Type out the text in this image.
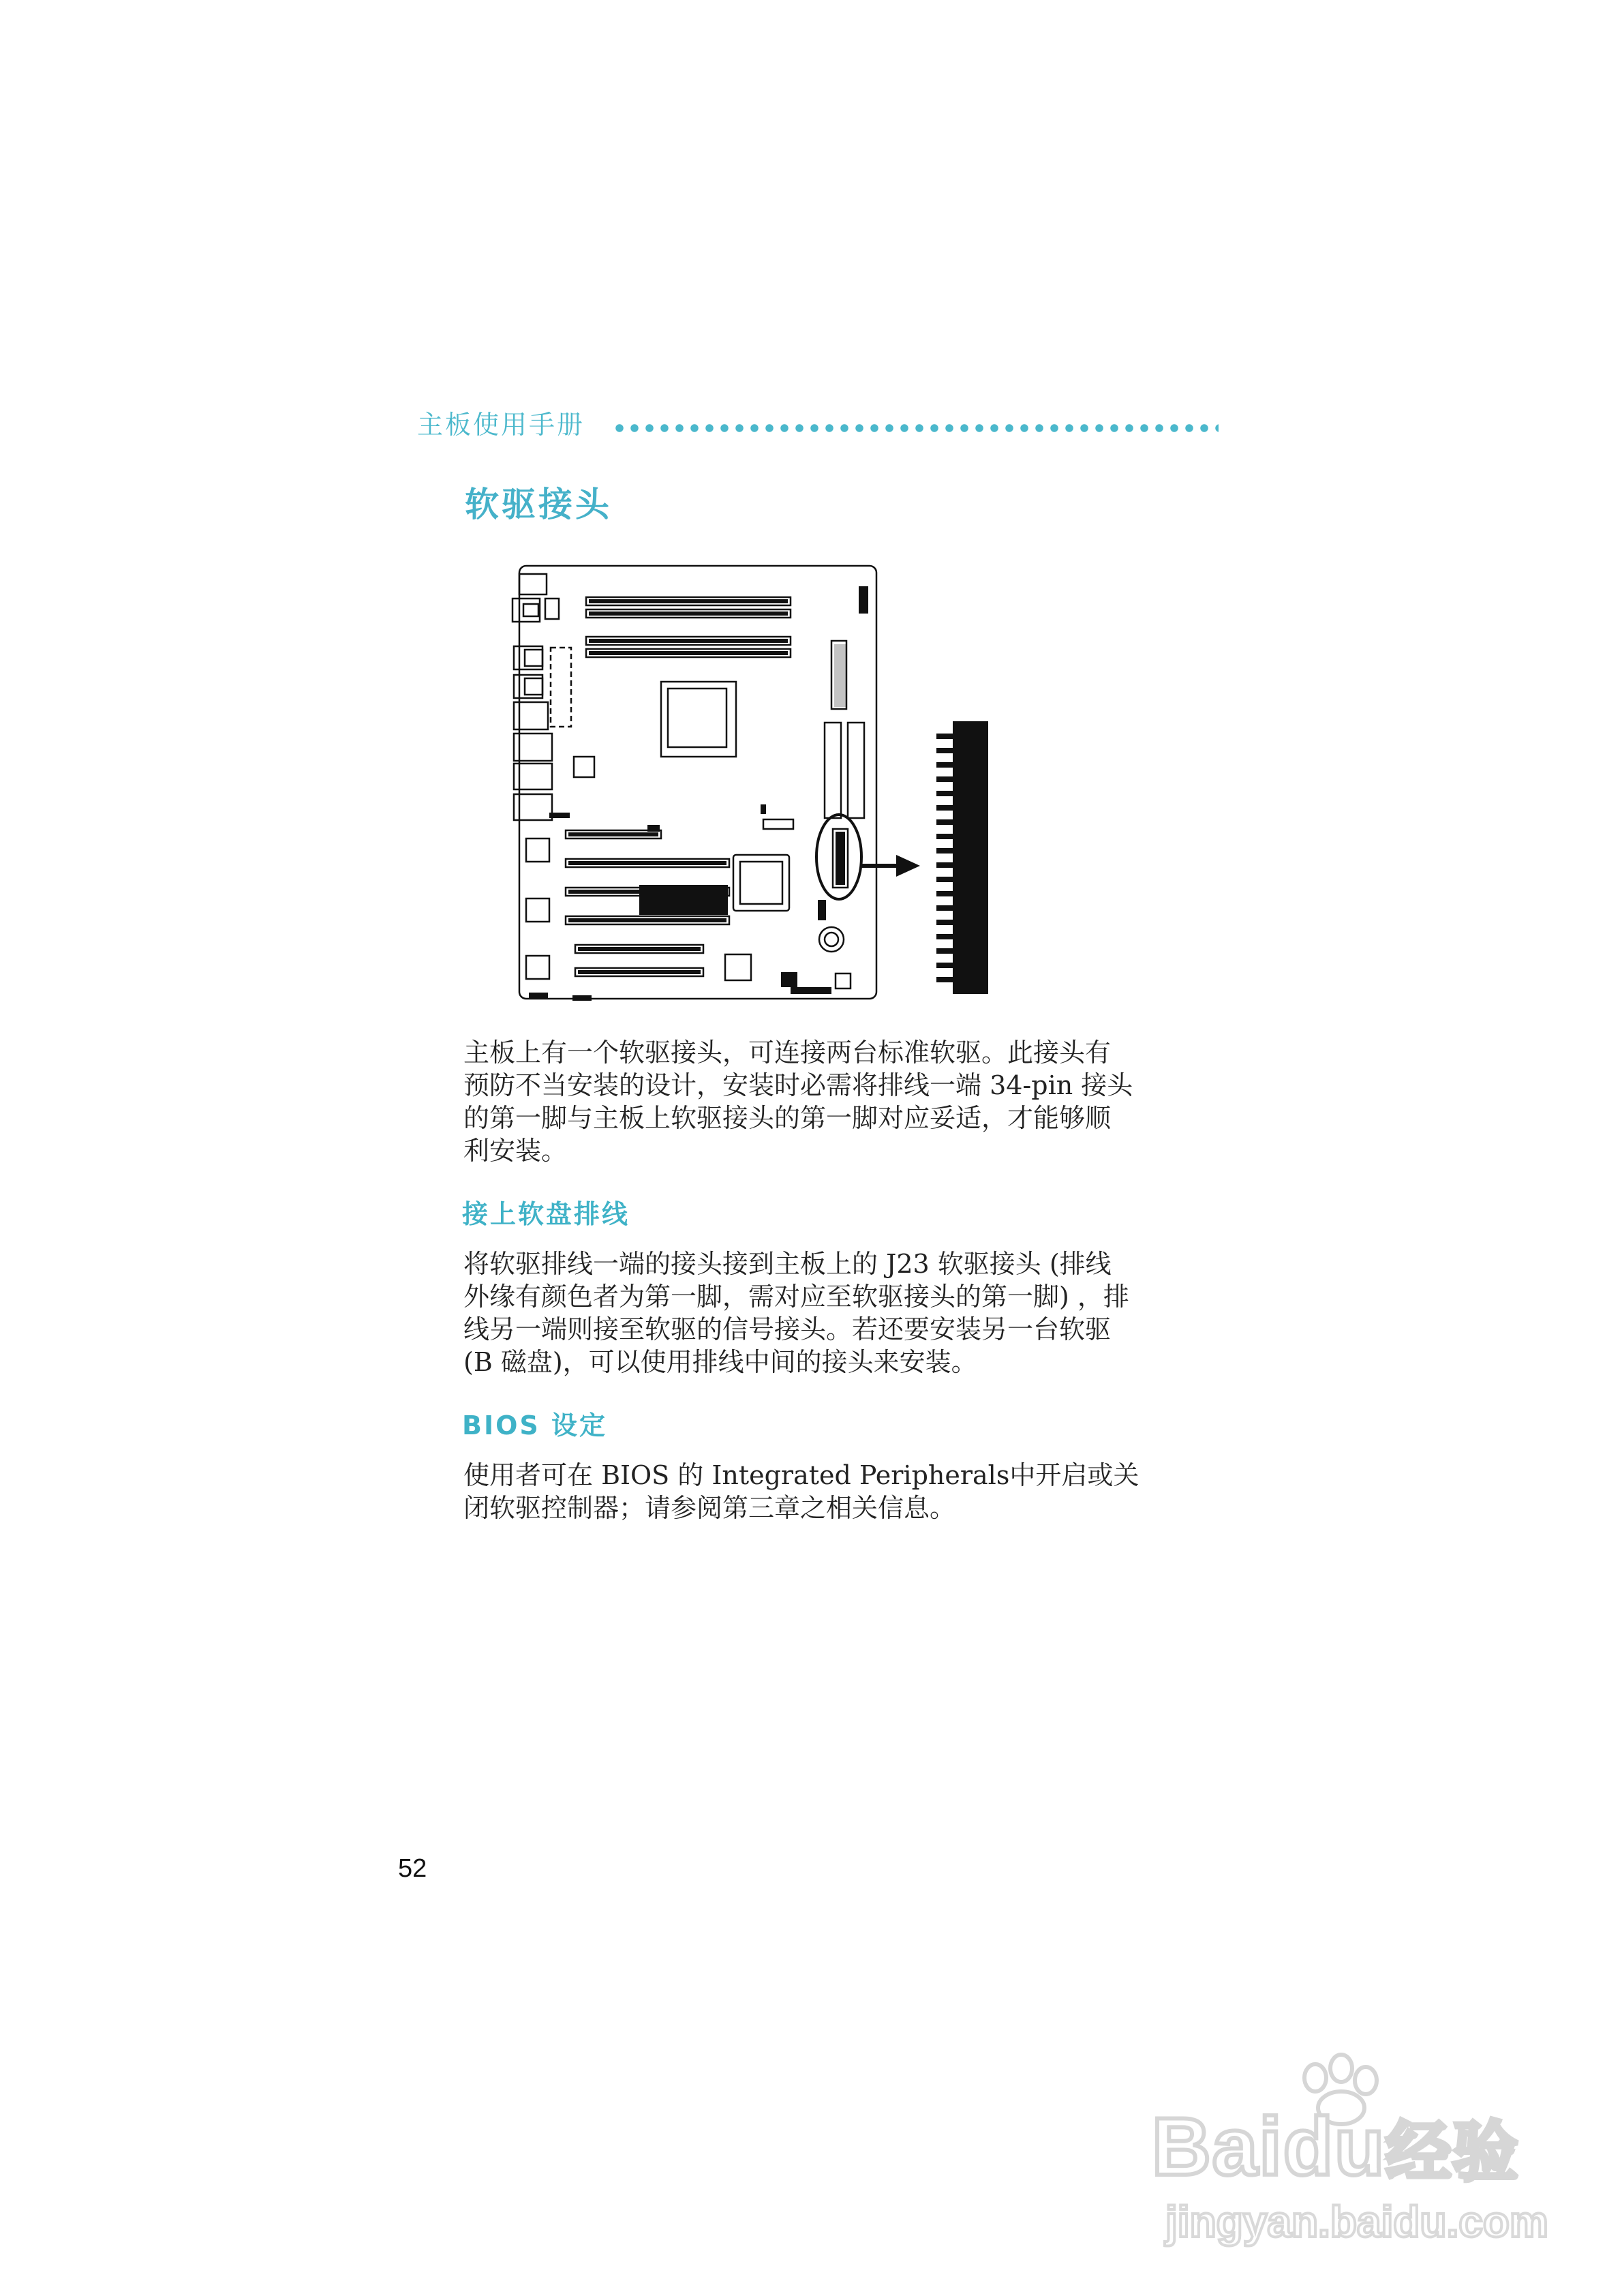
主板使用手册
软驱接头
主板上有一个软驱接头，可连接两台标准软驱。此接头有
预防不当安装的设计，安装时必需将排线一端 34-pin 接头
的第一脚与主板上软驱接头的第一脚对应妥适，才能够顺
利安装。
接上软盘排线
将软驱排线一端的接头接到主板上的 J23 软驱接头 (排线
外缘有颜色者为第一脚，需对应至软驱接头的第一脚) ，排
线另一端则接至软驱的信号接头。若还要安装另一台软驱
(B 磁盘)，可以使用排线中间的接头来安装。
BIOS 设定
使用者可在 BIOS 的 Integrated Peripherals中开启或关
闭软驱控制器；请参阅第三章之相关信息。
52
Baidu经验
jingyan.baidu.com
